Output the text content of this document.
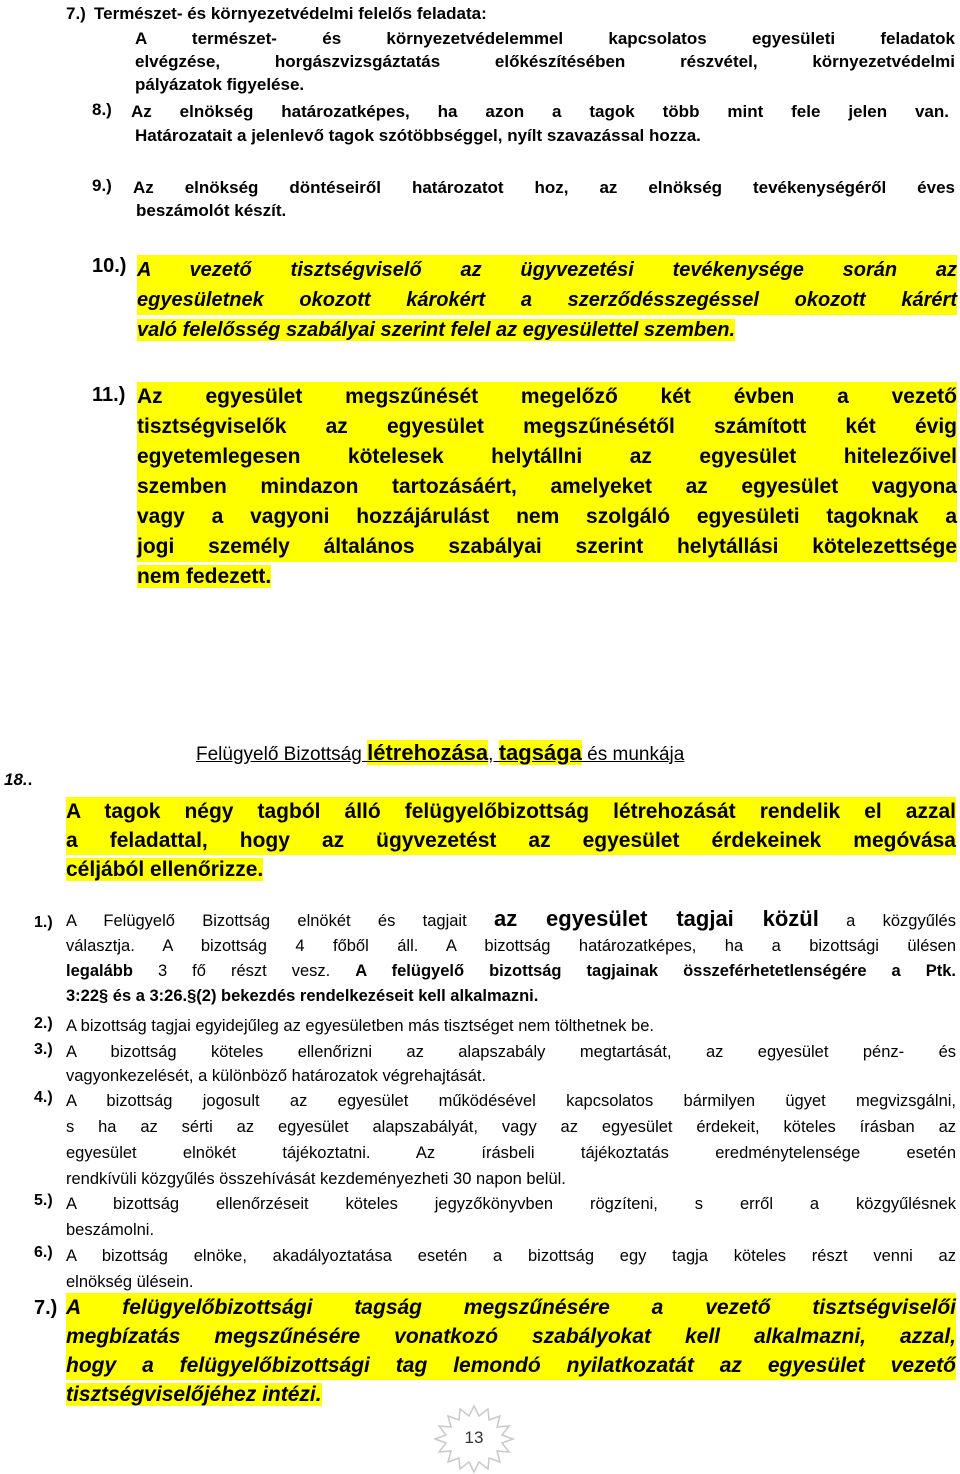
7.) Természet- és környezetvédelmi felelős feladata:
A természet- és környezetvédelemmel kapcsolatos egyesületi feladatok
elvégzése, horgászvizsgáztatás előkészítésében részvétel, környezetvédelmi
pályázatok figyelése.
8.) Az elnökség határozatképes, ha azon a tagok több mint fele jelen van.
Határozatait a jelenlevő tagok szótöbbséggel, nyílt szavazással hozza.
9.) Az elnökség döntéseiről határozatot hoz, az elnökség tevékenységéről éves
beszámolót készít.
10.) A vezető tisztségviselő az ügyvezetési tevékenysége során az
egyesületnek okozott károkért a szerződésszegéssel okozott kárért
való felelősség szabályai szerint felel az egyesülettel szemben.
11.) Az egyesület megszűnését megelőző két évben a vezető
tisztségviselők az egyesület megszűnésétől számított két évig
egyetemlegesen kötelesek helytállni az egyesület hitelezőivel
szemben mindazon tartozásáért, amelyeket az egyesület vagyona
vagy a vagyoni hozzájárulást nem szolgáló egyesületi tagoknak a
jogi személy általános szabályai szerint helytállási kötelezettsége
nem fedezett.
Felügyelő Bizottság létrehozása, tagsága és munkája
18..
A tagok négy tagból álló felügyelőbizottság létrehozását rendelik el azzal
a feladattal, hogy az ügyvezetést az egyesület érdekeinek megóvása
céljából ellenőrizze.
1.) A Felügyelő Bizottság elnökét és tagjait az egyesület tagjai közül a közgyűlés
választja. A bizottság 4 főből áll. A bizottság határozatképes, ha a bizottsági ülésen
legalább 3 fő részt vesz. A felügyelő bizottság tagjainak összeférhetetlenségére a Ptk.
3:22§ és a 3:26.§(2) bekezdés rendelkezéseit kell alkalmazni.
2.) A bizottság tagjai egyidejűleg az egyesületben más tisztséget nem tölthetnek be.
3.) A bizottság köteles ellenőrizni az alapszabály megtartását, az egyesület pénz- és
vagyonkezelését, a különböző határozatok végrehajtását.
4.) A bizottság jogosult az egyesület működésével kapcsolatos bármilyen ügyet megvizsgálni,
s ha az sérti az egyesület alapszabályát, vagy az egyesület érdekeit, köteles írásban az
egyesület elnökét tájékoztatni. Az írásbeli tájékoztatás eredménytelensége esetén
rendkívüli közgyűlés összehívását kezdeményezheti 30 napon belül.
5.) A bizottság ellenőrzéseit köteles jegyzőkönyvben rögzíteni, s erről a közgyűlésnek
beszámolni.
6.) A bizottság elnöke, akadályoztatása esetén a bizottság egy tagja köteles részt venni az
elnökség ülésein.
7.) A felügyelőbizottsági tagság megszűnésére a vezető tisztségviselői
megbízatás megszűnésére vonatkozó szabályokat kell alkalmazni, azzal,
hogy a felügyelőbizottsági tag lemondó nyilatkozatát az egyesület vezető
tisztségviselőjéhez intézi.
13
